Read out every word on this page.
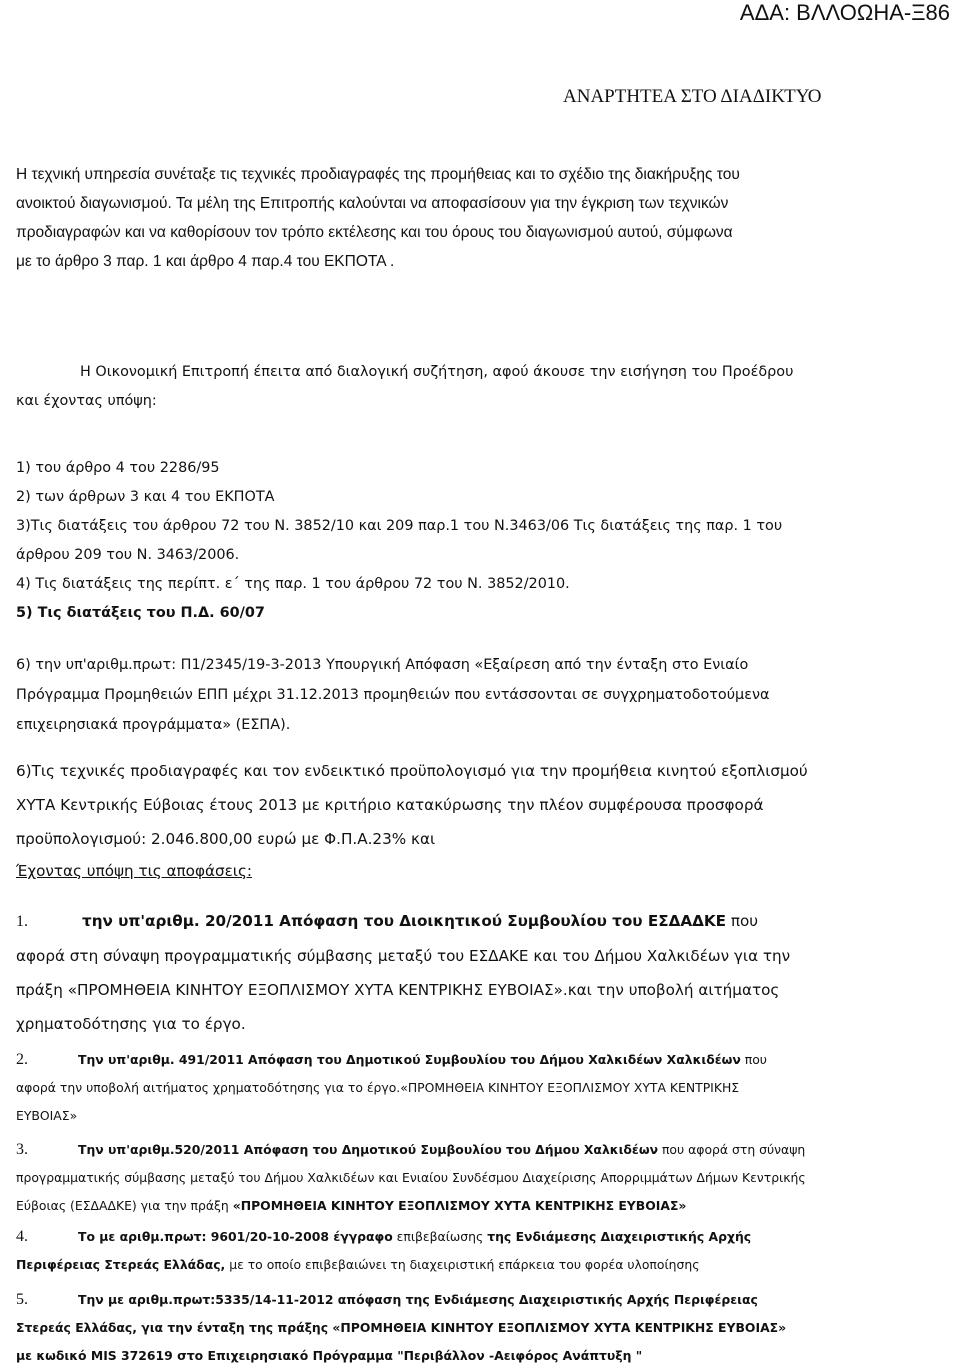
ΑΔΑ: ΒΛΛΟΩΗΑ-Ξ86
ΑΝΑΡΤΗΤΕΑ ΣΤΟ ΔΙΑΔΙΚΤΥΟ
Η τεχνική υπηρεσία συνέταξε τις τεχνικές προδιαγραφές της προμήθειας και το σχέδιο της διακήρυξης του
ανοικτού διαγωνισμού. Τα μέλη της Επιτροπής καλούνται να αποφασίσουν για την έγκριση των τεχνικών
προδιαγραφών και να καθορίσουν τον τρόπο εκτέλεσης και του όρους του διαγωνισμού αυτού, σύμφωνα
με το άρθρο 3 παρ. 1 και άρθρο 4 παρ.4 του ΕΚΠΟΤΑ .
Η Οικονομική Επιτροπή έπειτα από διαλογική συζήτηση, αφού άκουσε την εισήγηση του Προέδρου
και έχοντας υπόψη:
1) του άρθρο 4 του 2286/95
2) των άρθρων 3 και 4 του ΕΚΠΟΤΑ
3)Τις διατάξεις του άρθρου 72 του Ν. 3852/10 και 209 παρ.1 του Ν.3463/06 Τις διατάξεις της παρ. 1 του
άρθρου 209 του Ν. 3463/2006.
4) Τις διατάξεις της περίπτ. ε΄ της παρ. 1 του άρθρου 72 του Ν. 3852/2010.
5) Τις διατάξεις του Π.Δ. 60/07
6) την υπ'αριθμ.πρωτ: Π1/2345/19-3-2013 Υπουργική Απόφαση «Εξαίρεση από την ένταξη στο Ενιαίο
Πρόγραμμα Προμηθειών ΕΠΠ μέχρι 31.12.2013 προμηθειών που εντάσσονται σε συγχρηματοδοτούμενα
επιχειρησιακά προγράμματα» (ΕΣΠΑ).
6)Τις τεχνικές προδιαγραφές και τον ενδεικτικό προϋπολογισμό για την προμήθεια κινητού εξοπλισμού
ΧΥΤΑ Κεντρικής Εύβοιας έτους 2013 με κριτήριο κατακύρωσης την πλέον συμφέρουσα προσφορά
προϋπολογισμού: 2.046.800,00 ευρώ με Φ.Π.Α.23% και
Έχοντας υπόψη τις αποφάσεις:
1.	την υπ'αριθμ. 20/2011 Απόφαση του Διοικητικού Συμβουλίου του ΕΣΔΑΔΚΕ που
αφορά στη σύναψη προγραμματικής σύμβασης μεταξύ του ΕΣΔΑΚΕ και του Δήμου Χαλκιδέων για την
πράξη «ΠΡΟΜΗΘΕΙΑ ΚΙΝΗΤΟΥ ΕΞΟΠΛΙΣΜΟΥ ΧΥΤΑ ΚΕΝΤΡΙΚΗΣ ΕΥΒΟΙΑΣ».και την υποβολή αιτήματος
χρηματοδότησης για το έργο.
2.	Την υπ'αριθμ. 491/2011 Απόφαση του Δημοτικού Συμβουλίου του Δήμου Χαλκιδέων Χαλκιδέων που
αφορά την υποβολή αιτήματος χρηματοδότησης για το έργο.«ΠΡΟΜΗΘΕΙΑ ΚΙΝΗΤΟΥ ΕΞΟΠΛΙΣΜΟΥ ΧΥΤΑ ΚΕΝΤΡΙΚΗΣ
ΕΥΒΟΙΑΣ»
3.	Την υπ'αριθμ.520/2011 Απόφαση του Δημοτικού Συμβουλίου του Δήμου Χαλκιδέων που αφορά στη σύναψη
προγραμματικής σύμβασης μεταξύ του Δήμου Χαλκιδέων και Ενιαίου Συνδέσμου Διαχείρισης Απορριμμάτων Δήμων Κεντρικής
Εύβοιας (ΕΣΔΑΔΚΕ) για την πράξη «ΠΡΟΜΗΘΕΙΑ ΚΙΝΗΤΟΥ ΕΞΟΠΛΙΣΜΟΥ ΧΥΤΑ ΚΕΝΤΡΙΚΗΣ ΕΥΒΟΙΑΣ»
4.	Το με αριθμ.πρωτ: 9601/20-10-2008 έγγραφο επιβεβαίωσης της Ενδιάμεσης Διαχειριστικής Αρχής
Περιφέρειας Στερεάς Ελλάδας, με το οποίο επιβεβαιώνει τη διαχειριστική επάρκεια του φορέα υλοποίησης
5.	Την με αριθμ.πρωτ:5335/14-11-2012 απόφαση της Ενδιάμεσης Διαχειριστικής Αρχής Περιφέρειας
Στερεάς Ελλάδας, για την ένταξη της πράξης «ΠΡΟΜΗΘΕΙΑ ΚΙΝΗΤΟΥ ΕΞΟΠΛΙΣΜΟΥ ΧΥΤΑ ΚΕΝΤΡΙΚΗΣ ΕΥΒΟΙΑΣ»
με κωδικό MIS 372619 στο Επιχειρησιακό Πρόγραμμα "Περιβάλλον -Αειφόρος Ανάπτυξη "
